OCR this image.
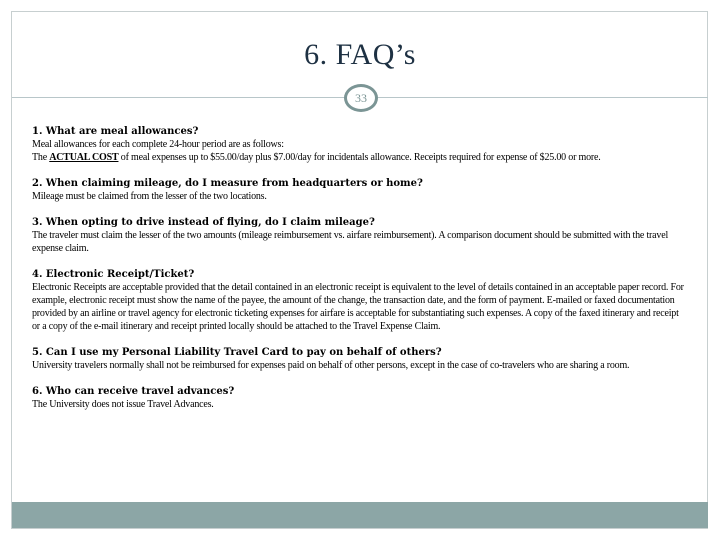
6. FAQ’s
33

1. What are meal allowances?

Meal allowances for each complete 24-hour period are as follows:

The ACTUAL COST of meal expenses up to $55.00/day plus $7.00/day for incidentals allowance. Receipts required for expense of $25.00 or more.

2. When claiming mileage, do I measure from headquarters or home?

Mileage must be claimed from the lesser of the two locations.

3. When opting to drive instead of flying, do I claim mileage?

The traveler must claim the lesser of the two amounts (mileage reimbursement vs. airfare reimbursement). A comparison document should be submitted with the travel expense claim.

4. Electronic Receipt/Ticket?

Electronic Receipts are acceptable provided that the detail contained in an electronic receipt is equivalent to the level of details contained in an acceptable paper record. For example, electronic receipt must show the name of the payee, the amount of the change, the transaction date, and the form of payment. E-mailed or faxed documentation provided by an airline or travel agency for electronic ticketing expenses for airfare is acceptable for substantiating such expenses. A copy of the faxed itinerary and receipt or a copy of the e-mail itinerary and receipt printed locally should be attached to the Travel Expense Claim.

5. Can I use my Personal Liability Travel Card to pay on behalf of others?

University travelers normally shall not be reimbursed for expenses paid on behalf of other persons, except in the case of co-travelers who are sharing a room.

6. Who can receive travel advances?

The University does not issue Travel Advances.
